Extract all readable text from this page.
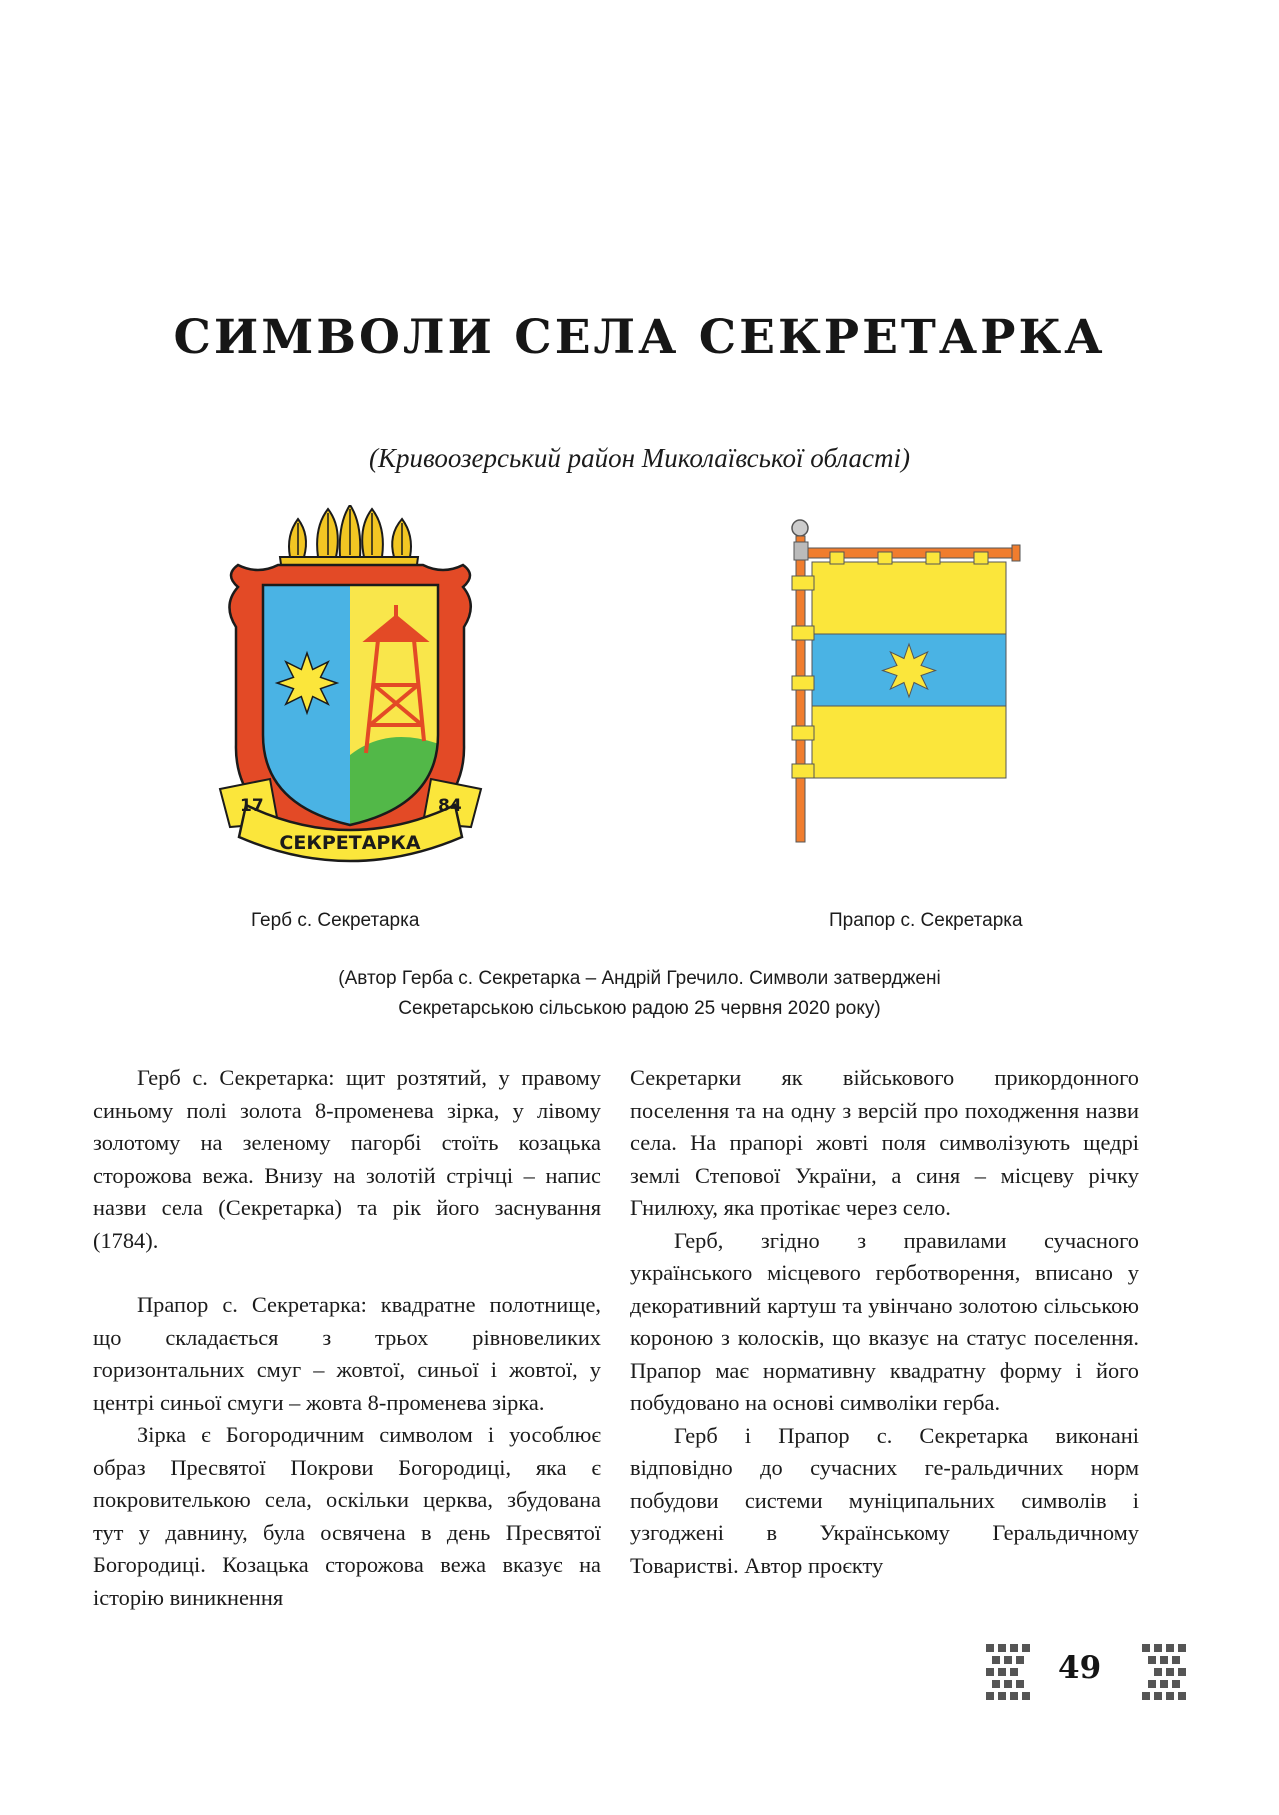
СИМВОЛИ СЕЛА СЕКРЕТАРКА
(Кривоозерський район Миколаївської області)
17	84
СЕКРЕТАРКА
Герб с. Секретарка	Прапор с. Секретарка
(Автор Герба с. Секретарка – Андрій Гречило. Символи затверджені
Секретарською сільською радою 25 червня 2020 року)

Герб с. Секретарка: щит розтятий, у правому синьому полі золота 8-променева зірка, у лівому золотому на зеленому пагорбі стоїть козацька сторожова вежа. Внизу на золотій стрічці – напис назви села (Секретарка) та рік його заснування (1784).

Прапор с. Секретарка: квадратне полотнище, що складається з трьох рівновеликих горизонтальних смуг – жовтої, синьої і жовтої, у центрі синьої смуги – жовта 8-променева зірка.

Зірка є Богородичним символом і уособлює образ Пресвятої Покрови Богородиці, яка є покровителькою села, оскільки церква, збудована тут у давнину, була освячена в день Пресвятої Богородиці. Козацька сторожова вежа вказує на історію виникнення

Секретарки як військового прикордонного поселення та на одну з версій про походження назви села. На прапорі жовті поля символізують щедрі землі Степової України, а синя – місцеву річку Гнилюху, яка протікає через село.

Герб, згідно з правилами сучасного українського місцевого герботворення, вписано у декоративний картуш та увінчано золотою сільською короною з колосків, що вказує на статус поселення. Прапор має нормативну квадратну форму і його побудовано на основі символіки герба.

Герб і Прапор с. Секретарка виконані відповідно до сучасних ге-ральдичних норм побудови системи муніципальних символів і узгоджені в Українському Геральдичному Товаристві. Автор проєкту

49
